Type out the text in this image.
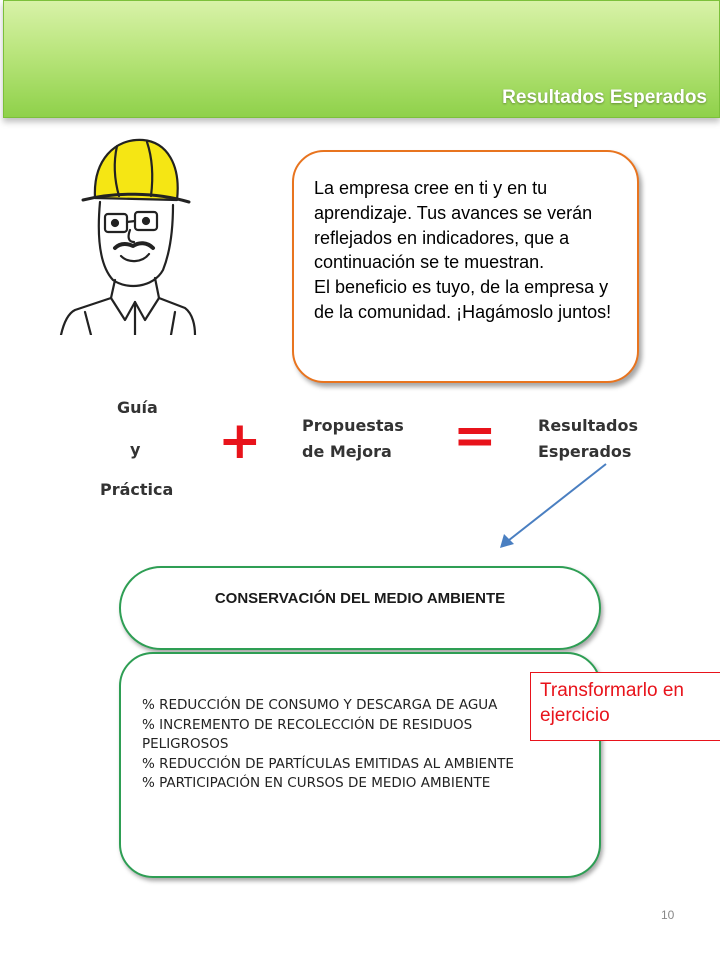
Resultados Esperados
La empresa cree en ti y en tu aprendizaje. Tus avances se verán reflejados en indicadores, que a continuación se te muestran.
El beneficio es tuyo, de la empresa y de la comunidad. ¡Hagámoslo juntos!
Guía
y
Práctica
+	Propuestas
de Mejora =	Resultados
Esperados
CONSERVACIÓN DEL MEDIO AMBIENTE
% REDUCCIÓN DE CONSUMO Y DESCARGA DE AGUA
% INCREMENTO DE RECOLECCIÓN DE RESIDUOS PELIGROSOS
% REDUCCIÓN DE PARTÍCULAS EMITIDAS AL AMBIENTE
% PARTICIPACIÓN EN CURSOS DE MEDIO AMBIENTE
Transformarlo en
ejercicio
10
